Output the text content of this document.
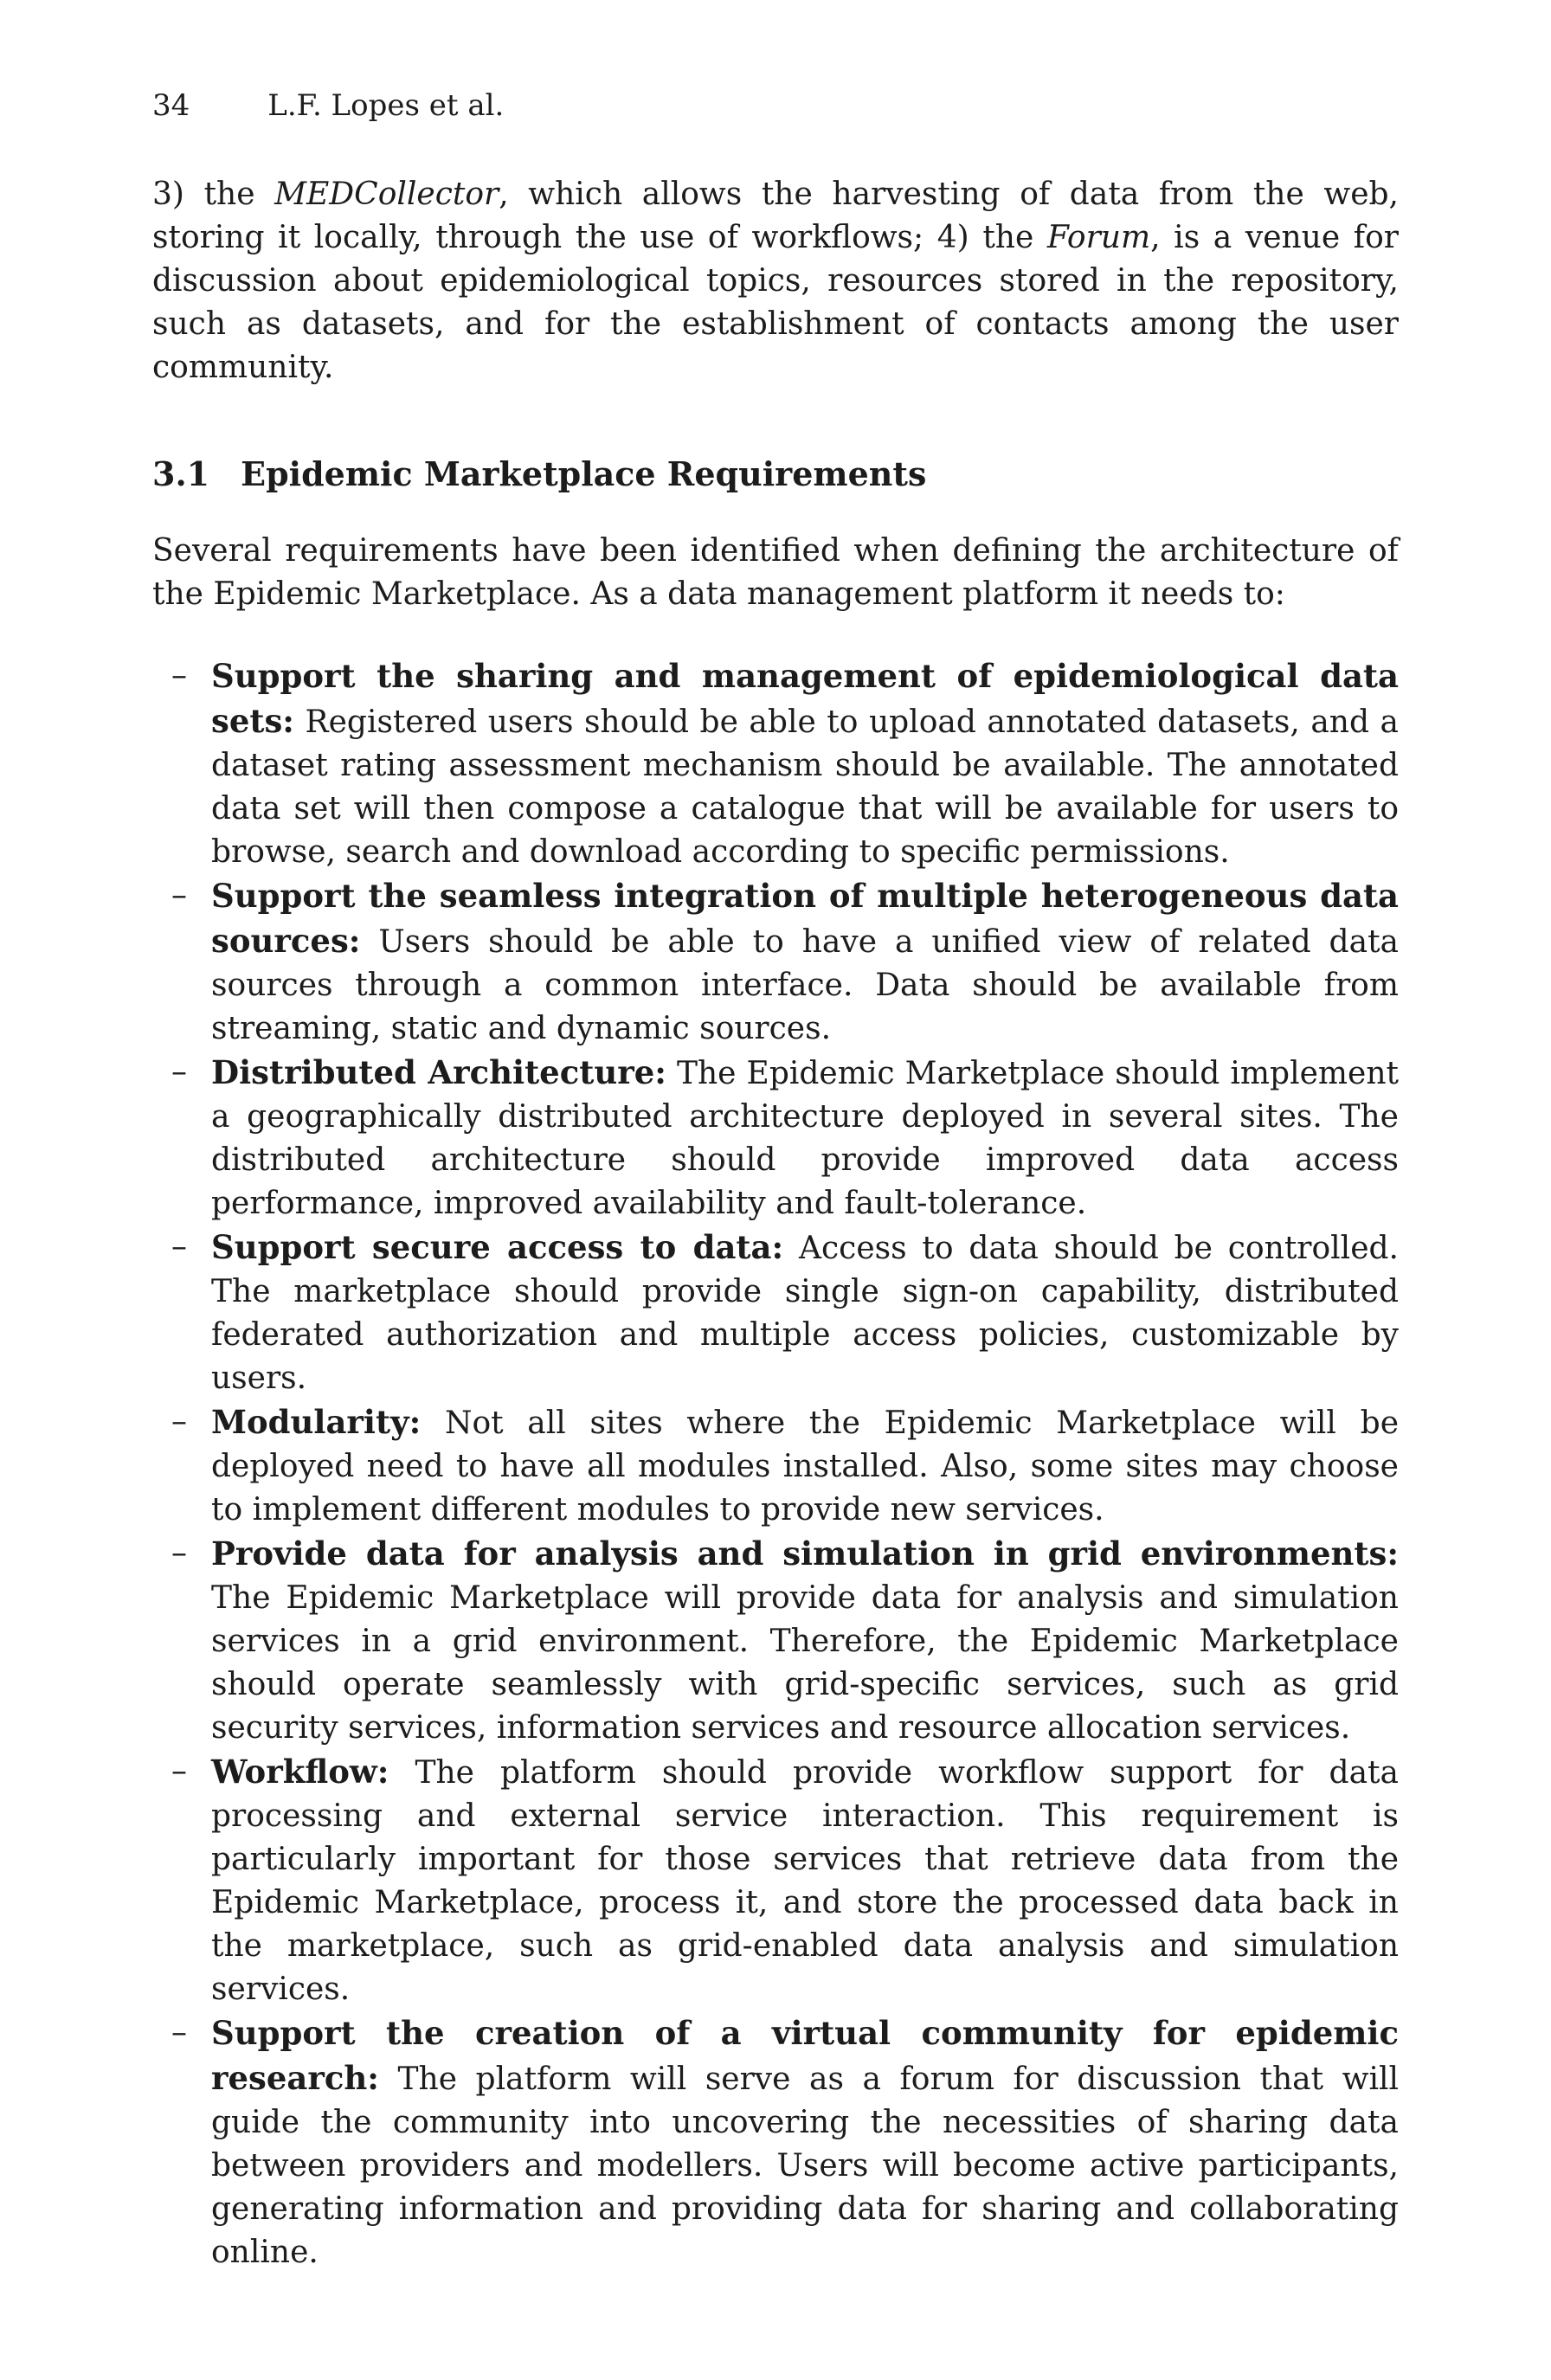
34	L.F. Lopes et al.

3) the MEDCollector, which allows the harvesting of data from the web, storing it locally, through the use of workflows; 4) the Forum, is a venue for discussion about epidemiological topics, resources stored in the repository, such as datasets, and for the establishment of contacts among the user community.

3.1 Epidemic Marketplace Requirements

Several requirements have been identified when defining the architecture of the Epidemic Marketplace. As a data management platform it needs to:

– Support the sharing and management of epidemiological data sets: Registered users should be able to upload annotated datasets, and a dataset rating assessment mechanism should be available. The annotated data set will then compose a catalogue that will be available for users to browse, search and download according to specific permissions.
– Support the seamless integration of multiple heterogeneous data sources: Users should be able to have a unified view of related data sources through a common interface. Data should be available from streaming, static and dynamic sources.
– Distributed Architecture: The Epidemic Marketplace should implement a geographically distributed architecture deployed in several sites. The distributed architecture should provide improved data access performance, improved availability and fault-tolerance.
– Support secure access to data: Access to data should be controlled. The marketplace should provide single sign-on capability, distributed federated authorization and multiple access policies, customizable by users.
– Modularity: Not all sites where the Epidemic Marketplace will be deployed need to have all modules installed. Also, some sites may choose to implement different modules to provide new services.
– Provide data for analysis and simulation in grid environments: The Epidemic Marketplace will provide data for analysis and simulation services in a grid environment. Therefore, the Epidemic Marketplace should operate seamlessly with grid-specific services, such as grid security services, information services and resource allocation services.
– Workflow: The platform should provide workflow support for data processing and external service interaction. This requirement is particularly important for those services that retrieve data from the Epidemic Marketplace, process it, and store the processed data back in the marketplace, such as grid-enabled data analysis and simulation services.
– Support the creation of a virtual community for epidemic research: The platform will serve as a forum for discussion that will guide the community into uncovering the necessities of sharing data between providers and modellers. Users will become active participants, generating information and providing data for sharing and collaborating online.
